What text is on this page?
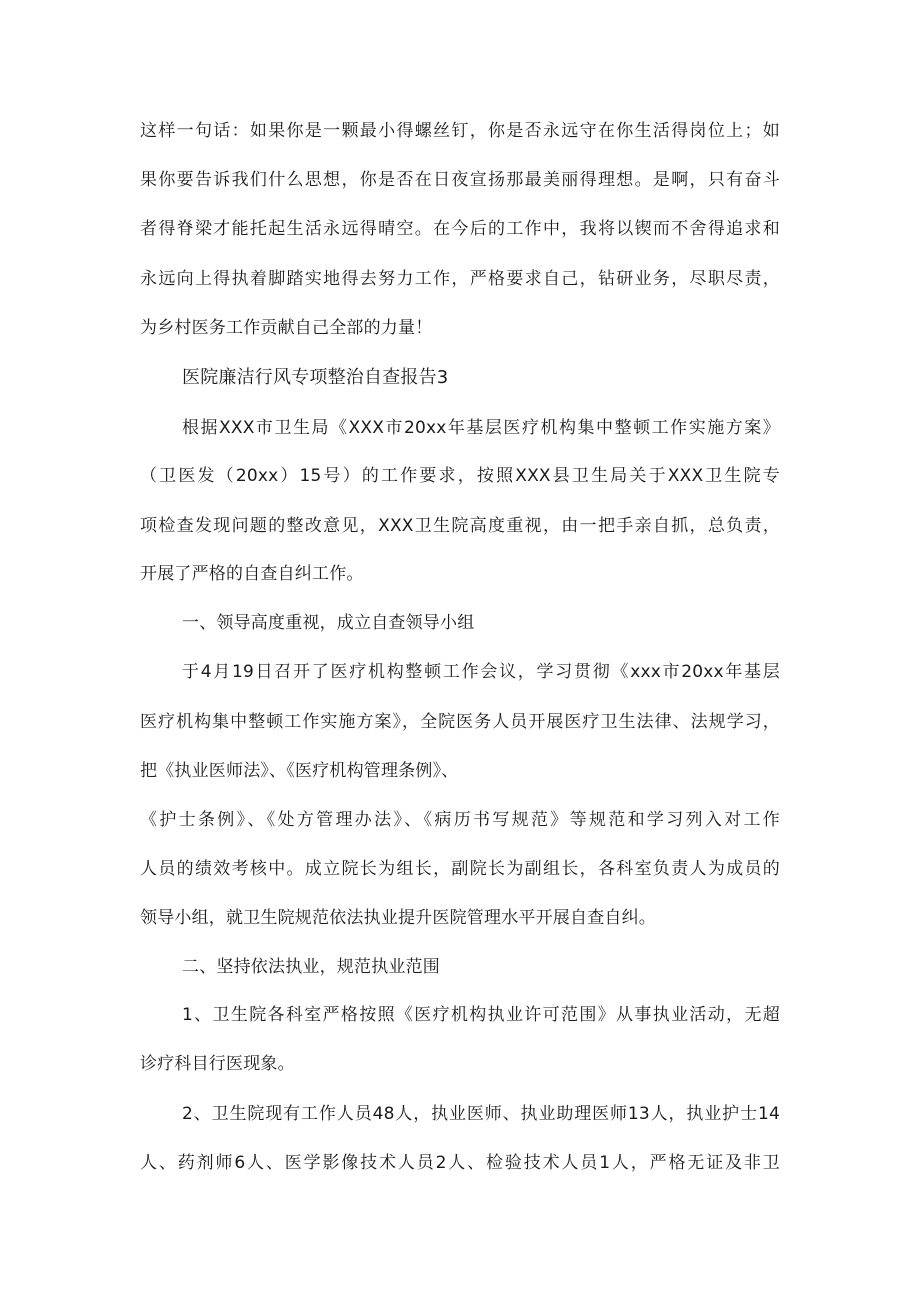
这样一句话：如果你是一颗最小得螺丝钉，你是否永远守在你生活得岗位上；如
果你要告诉我们什么思想，你是否在日夜宣扬那最美丽得理想。是啊，只有奋斗
者得脊梁才能托起生活永远得晴空。在今后的工作中，我将以锲而不舍得追求和
永远向上得执着脚踏实地得去努力工作，严格要求自己，钻研业务，尽职尽责，
为乡村医务工作贡献自己全部的力量！
医院廉洁行风专项整治自查报告3
根据XXX市卫生局《XXX市20xx年基层医疗机构集中整顿工作实施方案》
（卫医发（20xx）15号）的工作要求，按照XXX县卫生局关于XXX卫生院专
项检查发现问题的整改意见，XXX卫生院高度重视，由一把手亲自抓，总负责，
开展了严格的自查自纠工作。
一、领导高度重视，成立自查领导小组
于4月19日召开了医疗机构整顿工作会议，学习贯彻《xxx市20xx年基层
医疗机构集中整顿工作实施方案》，全院医务人员开展医疗卫生法律、法规学习，
把《执业医师法》、《医疗机构管理条例》、
《护士条例》、《处方管理办法》、《病历书写规范》等规范和学习列入对工作
人员的绩效考核中。成立院长为组长，副院长为副组长，各科室负责人为成员的
领导小组，就卫生院规范依法执业提升医院管理水平开展自查自纠。
二、坚持依法执业，规范执业范围
1、卫生院各科室严格按照《医疗机构执业许可范围》从事执业活动，无超
诊疗科目行医现象。
2、卫生院现有工作人员48人，执业医师、执业助理医师13人，执业护士14
人、药剂师6人、医学影像技术人员2人、检验技术人员1人，严格无证及非卫
